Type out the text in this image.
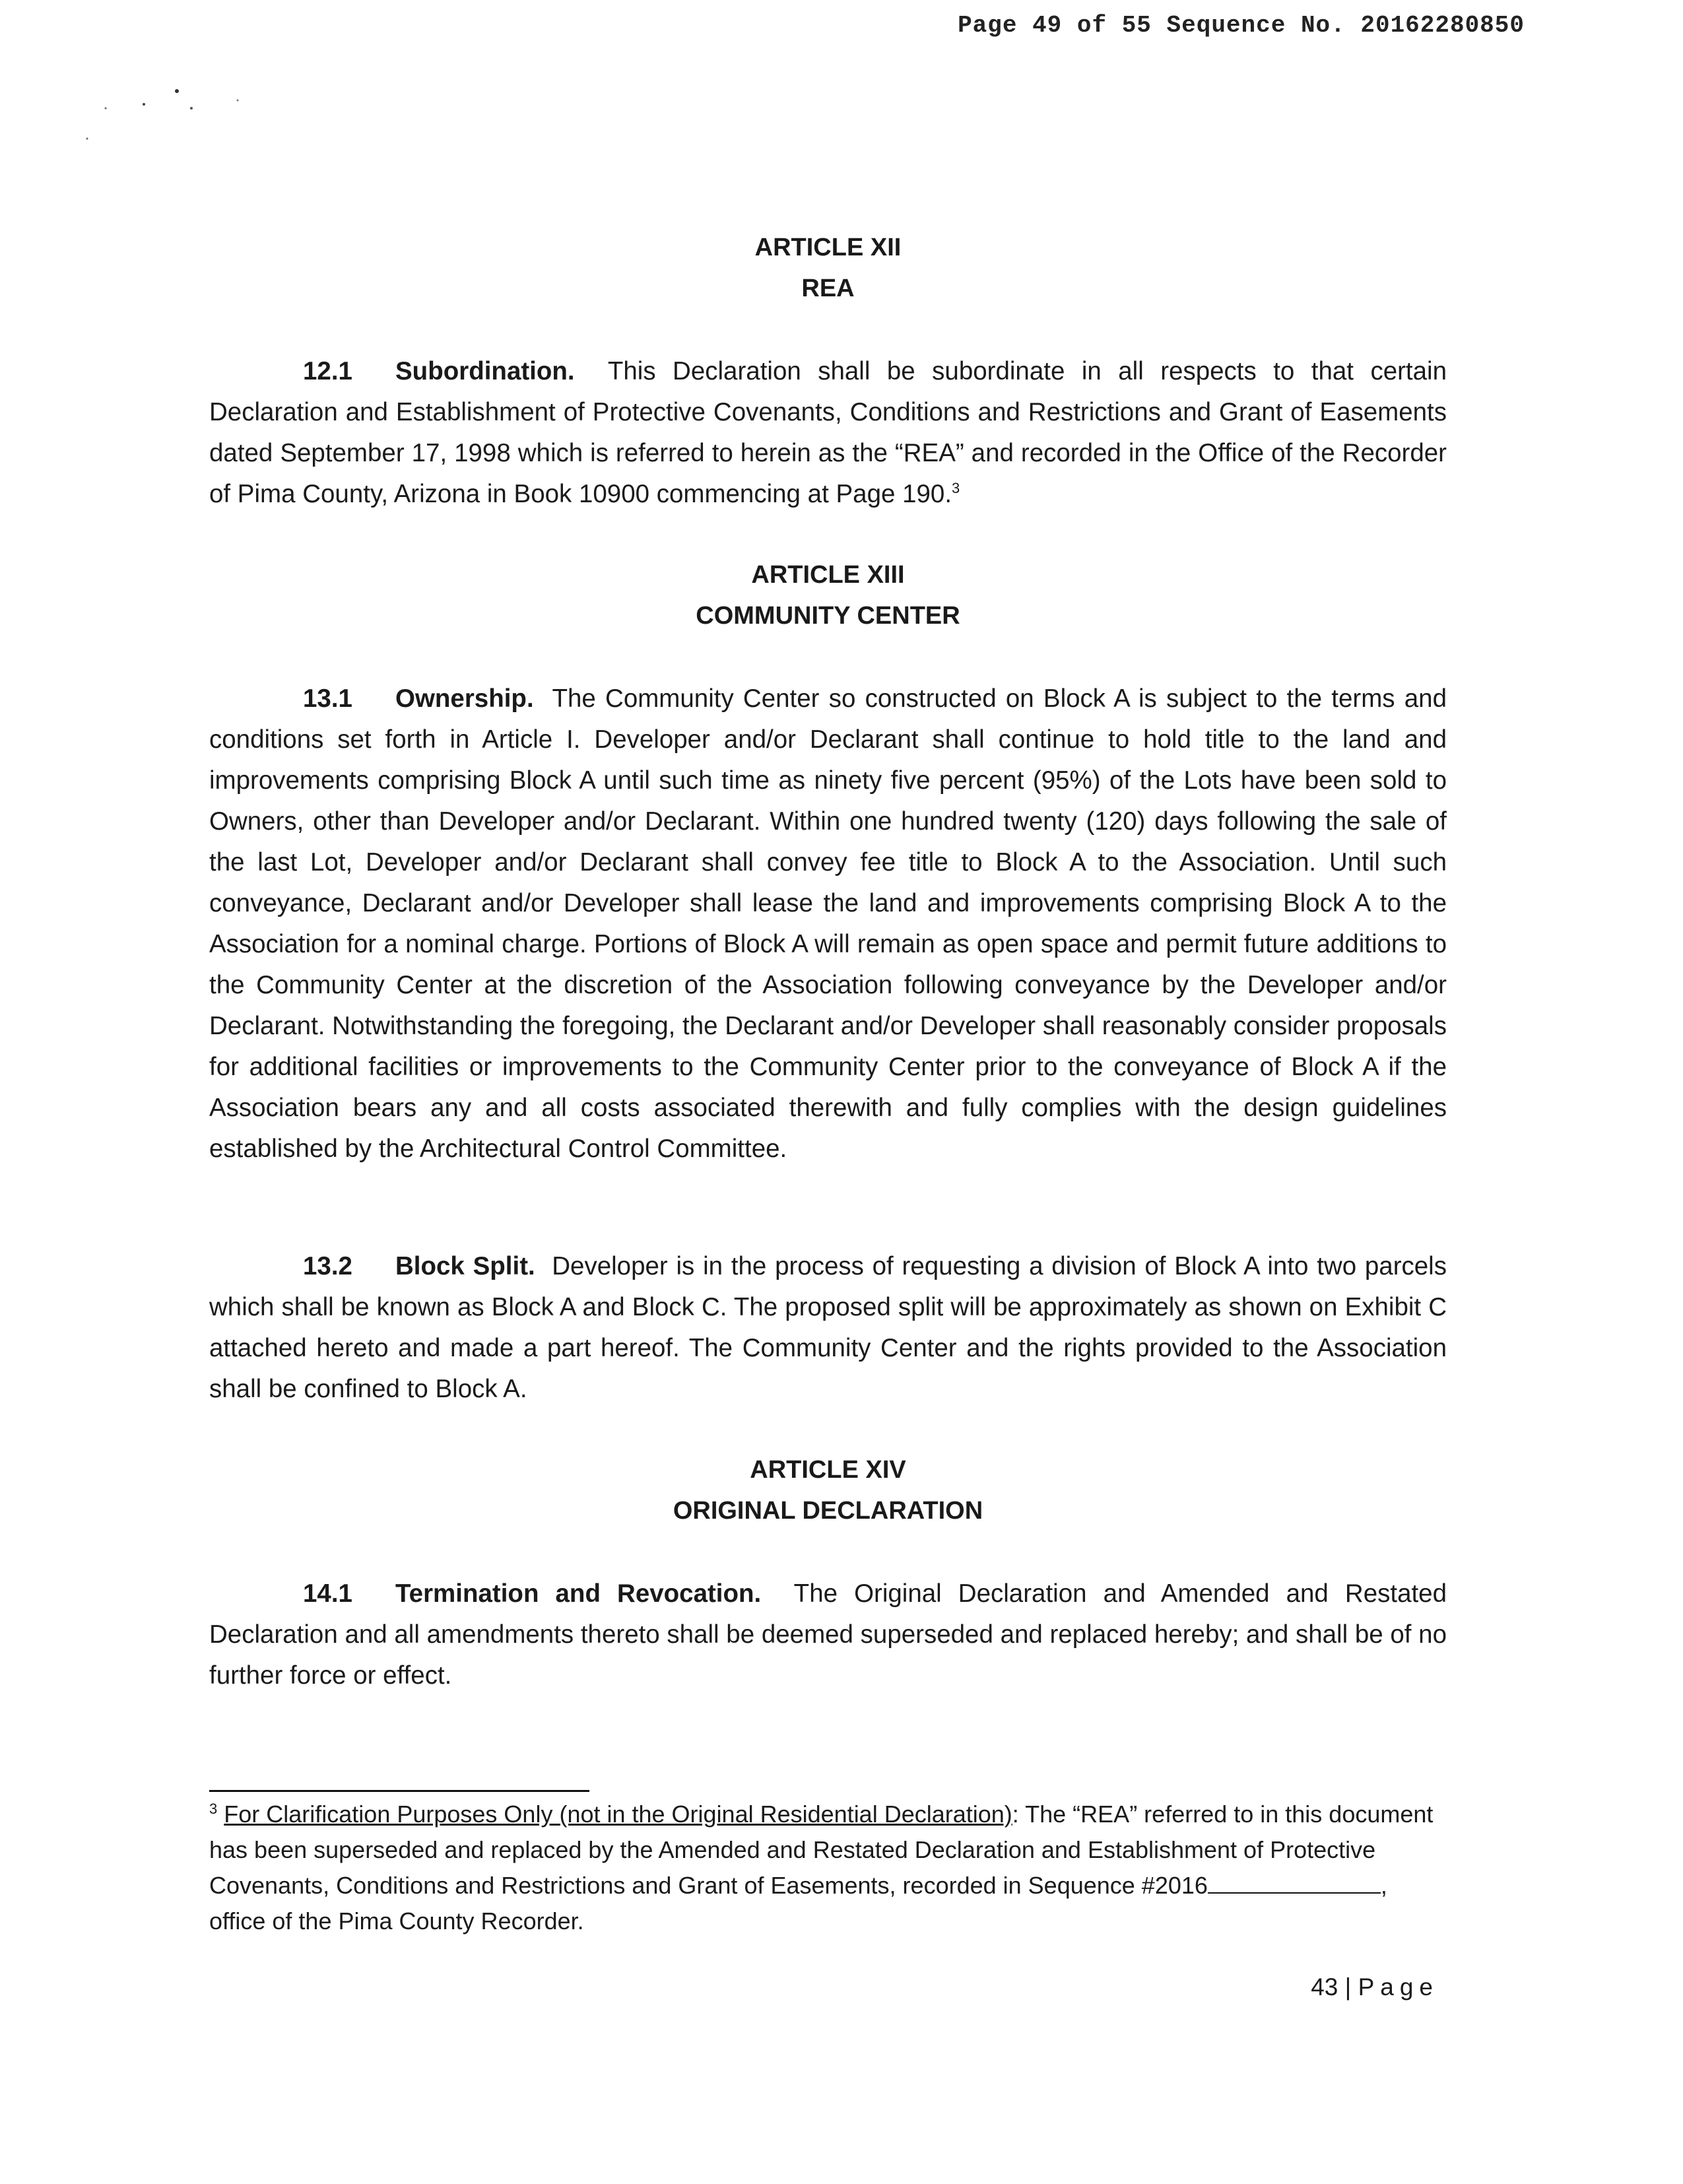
Page 49 of 55 Sequence No. 20162280850
ARTICLE XII
REA

12.1 Subordination. This Declaration shall be subordinate in all respects to that certain Declaration and Establishment of Protective Covenants, Conditions and Restrictions and Grant of Easements dated September 17, 1998 which is referred to herein as the “REA” and recorded in the Office of the Recorder of Pima County, Arizona in Book 10900 commencing at Page 190.$^3$

ARTICLE XIII
COMMUNITY CENTER

13.1 Ownership. The Community Center so constructed on Block A is subject to the terms and conditions set forth in Article I. Developer and/or Declarant shall continue to hold title to the land and improvements comprising Block A until such time as ninety five percent (95%) of the Lots have been sold to Owners, other than Developer and/or Declarant. Within one hundred twenty (120) days following the sale of the last Lot, Developer and/or Declarant shall convey fee title to Block A to the Association. Until such conveyance, Declarant and/or Developer shall lease the land and improvements comprising Block A to the Association for a nominal charge. Portions of Block A will remain as open space and permit future additions to the Community Center at the discretion of the Association following conveyance by the Developer and/or Declarant. Notwithstanding the foregoing, the Declarant and/or Developer shall reasonably consider proposals for additional facilities or improvements to the Community Center prior to the conveyance of Block A if the Association bears any and all costs associated therewith and fully complies with the design guidelines established by the Architectural Control Committee.

13.2 Block Split. Developer is in the process of requesting a division of Block A into two parcels which shall be known as Block A and Block C. The proposed split will be approximately as shown on Exhibit C attached hereto and made a part hereof. The Community Center and the rights provided to the Association shall be confined to Block A.

ARTICLE XIV
ORIGINAL DECLARATION

14.1 Termination and Revocation. The Original Declaration and Amended and Restated Declaration and all amendments thereto shall be deemed superseded and replaced hereby; and shall be of no further force or effect.

$^3$ For Clarification Purposes Only (not in the Original Residential Declaration): The “REA” referred to in this document has been superseded and replaced by the Amended and Restated Declaration and Establishment of Protective Covenants, Conditions and Restrictions and Grant of Easements, recorded in Sequence #2016	, office of the Pima County Recorder.
43 | Page
